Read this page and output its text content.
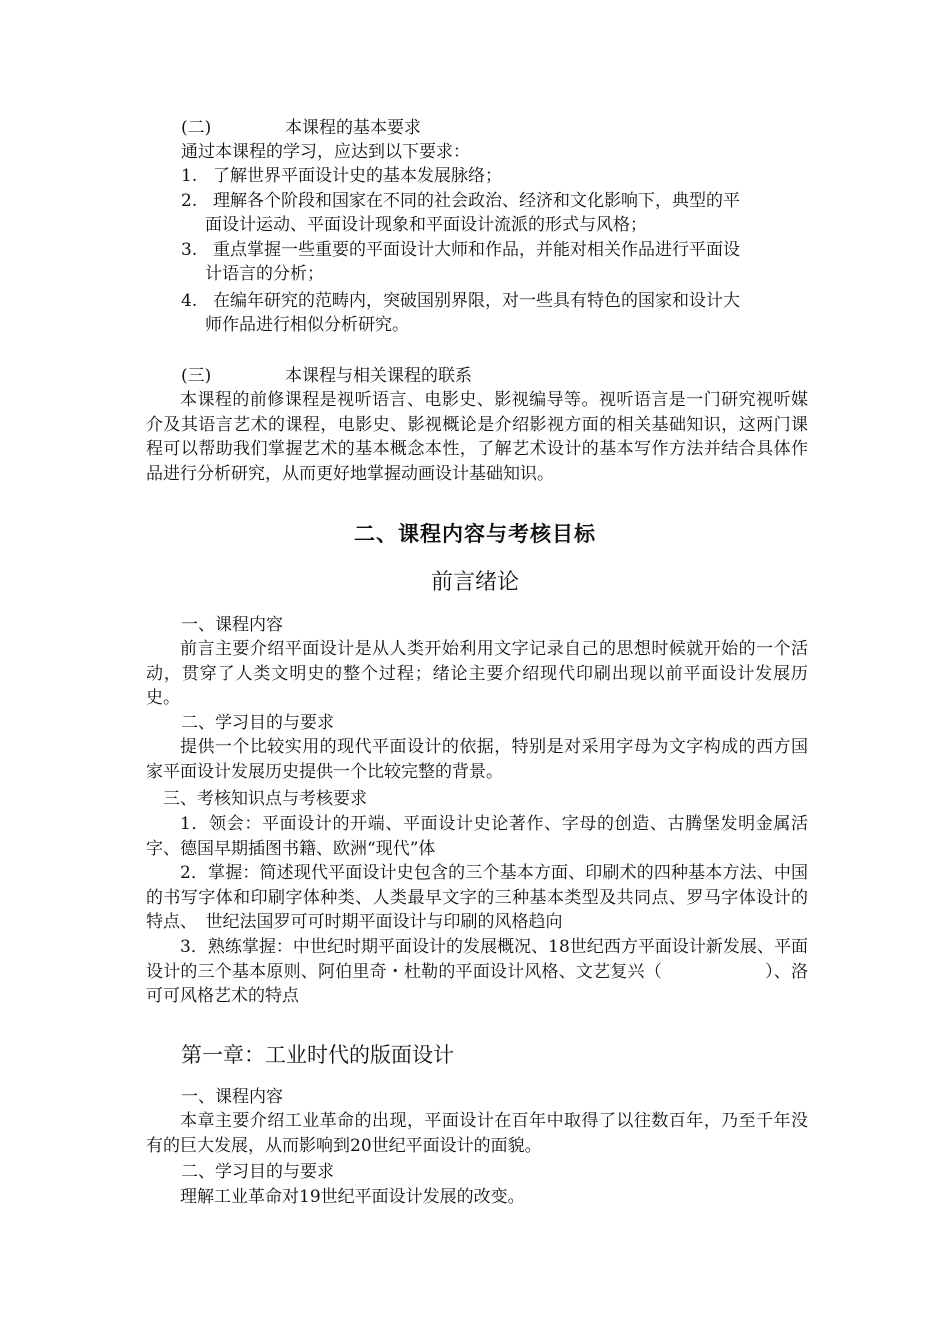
(二)	本课程的基本要求
通过本课程的学习，应达到以下要求：
1. 了解世界平面设计史的基本发展脉络；
2. 理解各个阶段和国家在不同的社会政治、经济和文化影响下，典型的平
面设计运动、平面设计现象和平面设计流派的形式与风格；
3. 重点掌握一些重要的平面设计大师和作品，并能对相关作品进行平面设
计语言的分析；
4. 在编年研究的范畴内，突破国别界限，对一些具有特色的国家和设计大
师作品进行相似分析研究。
(三)	本课程与相关课程的联系

本课程的前修课程是视听语言、电影史、影视编导等。视听语言是一门研究视听媒介及其语言艺术的课程，电影史、影视概论是介绍影视方面的相关基础知识，这两门课程可以帮助我们掌握艺术的基本概念本性，了解艺术设计的基本写作方法并结合具体作品进行分析研究，从而更好地掌握动画设计基础知识。

二、课程内容与考核目标
前言绪论
一、课程内容

前言主要介绍平面设计是从人类开始利用文字记录自己的思想时候就开始的一个活动，贯穿了人类文明史的整个过程；绪论主要介绍现代印刷出现以前平面设计发展历史。

二、学习目的与要求

提供一个比较实用的现代平面设计的依据，特别是对采用字母为文字构成的西方国家平面设计发展历史提供一个比较完整的背景。

三、考核知识点与考核要求

1．领会：平面设计的开端、平面设计史论著作、字母的创造、古腾堡发明金属活字、德国早期插图书籍、欧洲“现代”体

2．掌握：简述现代平面设计史包含的三个基本方面、印刷术的四种基本方法、中国的书写字体和印刷字体种类、人类最早文字的三种基本类型及共同点、罗马字体设计的特点、　世纪法国罗可可时期平面设计与印刷的风格趋向

3．熟练掌握：中世纪时期平面设计的发展概况、18世纪西方平面设计新发展、平面设计的三个基本原则、阿伯里奇・杜勒的平面设计风格、文艺复兴（　　　　　　）、洛可可风格艺术的特点

第一章：工业时代的版面设计
一、课程内容

本章主要介绍工业革命的出现，平面设计在百年中取得了以往数百年，乃至千年没有的巨大发展，从而影响到20世纪平面设计的面貌。

二、学习目的与要求

理解工业革命对19世纪平面设计发展的改变。
